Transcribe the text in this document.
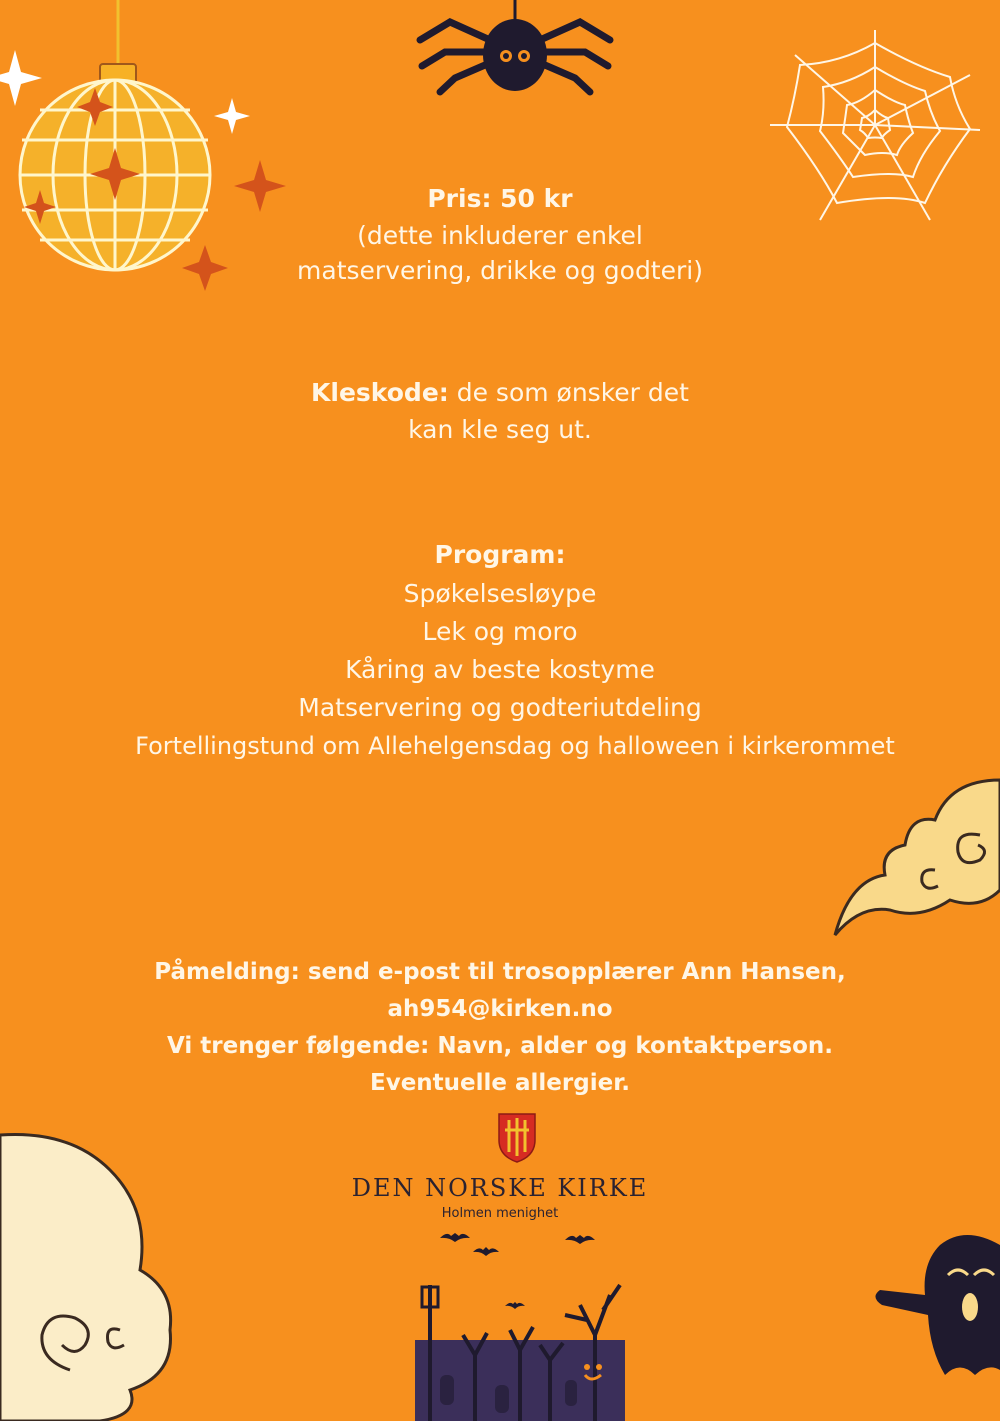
Pris: 50 kr
(dette inkluderer enkel
matservering, drikke og godteri)
Kleskode: de som ønsker det
kan kle seg ut.
Program:
Spøkelsesløype
Lek og moro
Kåring av beste kostyme
Matservering og godteriutdeling
Fortellingstund om Allehelgensdag og halloween i kirkerommet
Påmelding: send e-post til trosopplærer Ann Hansen,
ah954@kirken.no
Vi trenger følgende: Navn, alder og kontaktperson.
Eventuelle allergier.
DEN NORSKE KIRKE
Holmen menighet
